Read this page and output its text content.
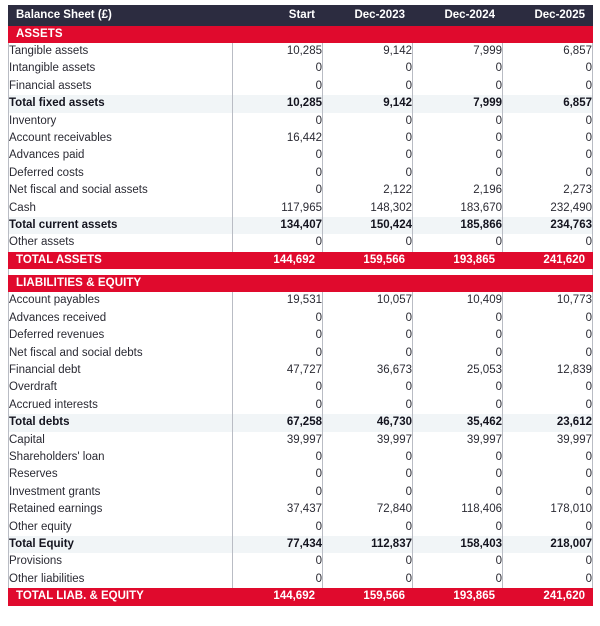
Balance Sheet (£)	Start	Dec-2023	Dec-2024	Dec-2025
ASSETS				
Tangible assets	10,285	9,142	7,999	6,857
Intangible assets	0	0	0	0
Financial assets	0	0	0	0
Total fixed assets	10,285	9,142	7,999	6,857
Inventory	0	0	0	0
Account receivables	16,442	0	0	0
Advances paid	0	0	0	0
Deferred costs	0	0	0	0
Net fiscal and social assets	0	2,122	2,196	2,273
Cash	117,965	148,302	183,670	232,490
Total current assets	134,407	150,424	185,866	234,763
Other assets	0	0	0	0
TOTAL ASSETS	144,692	159,566	193,865	241,620

LIABILITIES & EQUITY				
Account payables	19,531	10,057	10,409	10,773
Advances received	0	0	0	0
Deferred revenues	0	0	0	0
Net fiscal and social debts	0	0	0	0
Financial debt	47,727	36,673	25,053	12,839
Overdraft	0	0	0	0
Accrued interests	0	0	0	0
Total debts	67,258	46,730	35,462	23,612
Capital	39,997	39,997	39,997	39,997
Shareholders' loan	0	0	0	0
Reserves	0	0	0	0
Investment grants	0	0	0	0
Retained earnings	37,437	72,840	118,406	178,010
Other equity	0	0	0	0
Total Equity	77,434	112,837	158,403	218,007
Provisions	0	0	0	0
Other liabilities	0	0	0	0
TOTAL LIAB. & EQUITY	144,692	159,566	193,865	241,620
